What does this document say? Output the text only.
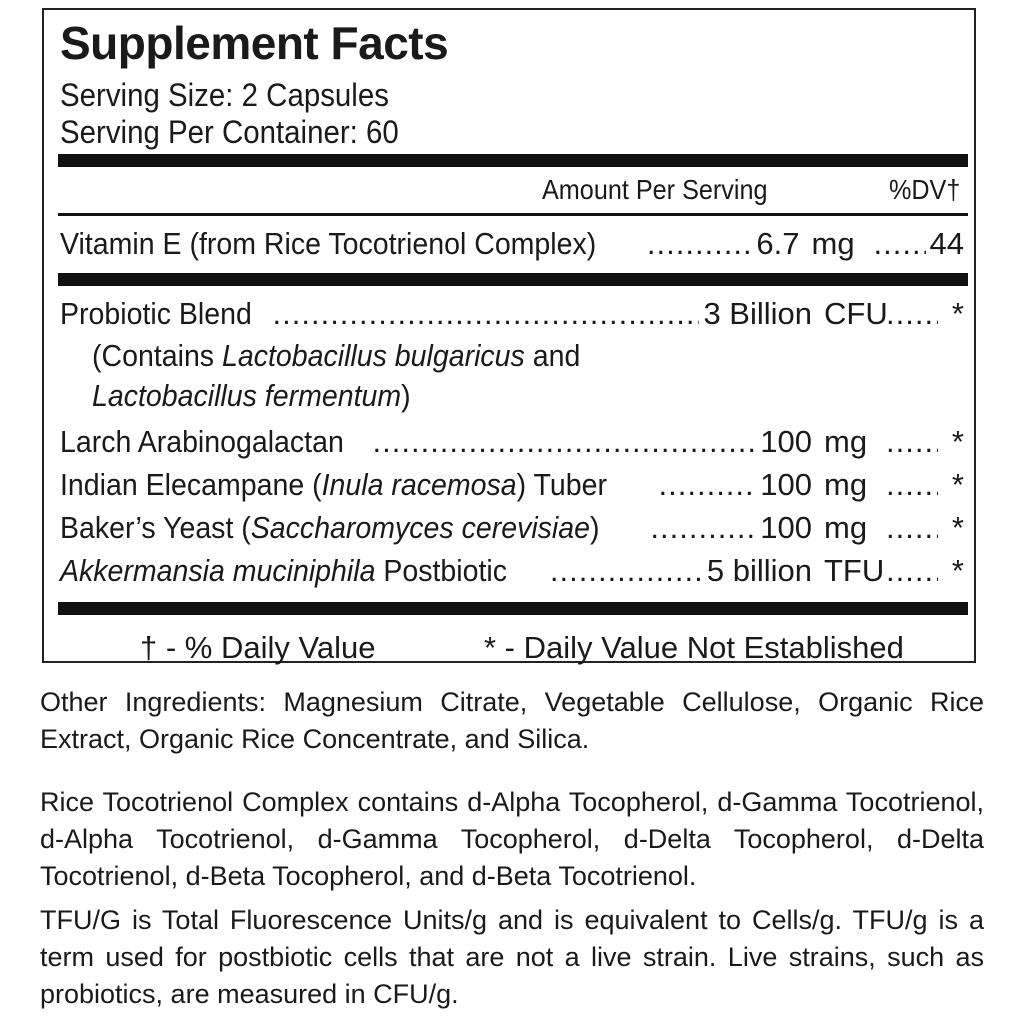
Supplement Facts
Serving Size: 2 Capsules
Serving Per Container: 60
Amount Per Serving	%DV†
Vitamin E (from Rice Tocotrienol Complex) .....	6.7 mg .....	44
Probiotic Blend .....	3 Billion CFU .....	*
(Contains Lactobacillus bulgaricus and
Lactobacillus fermentum)
Larch Arabinogalactan .....	100 mg .....	*
Indian Elecampane (Inula racemosa) Tuber .....	100 mg .....	*
Baker’s Yeast (Saccharomyces cerevisiae) .....	100 mg .....	*
Akkermansia muciniphila Postbiotic .....	5 billion TFU .....	*
† - % Daily Value	* - Daily Value Not Established
Other Ingredients: Magnesium Citrate, Vegetable Cellulose, Organic Rice Extract, Organic Rice Concentrate, and Silica.
Rice Tocotrienol Complex contains d-Alpha Tocopherol, d-Gamma Tocotrienol, d-Alpha Tocotrienol, d-Gamma Tocopherol, d-Delta Tocopherol, d-Delta Tocotrienol, d-Beta Tocopherol, and d-Beta Tocotrienol.
TFU/G is Total Fluorescence Units/g and is equivalent to Cells/g. TFU/g is a term used for postbiotic cells that are not a live strain. Live strains, such as probiotics, are measured in CFU/g.
